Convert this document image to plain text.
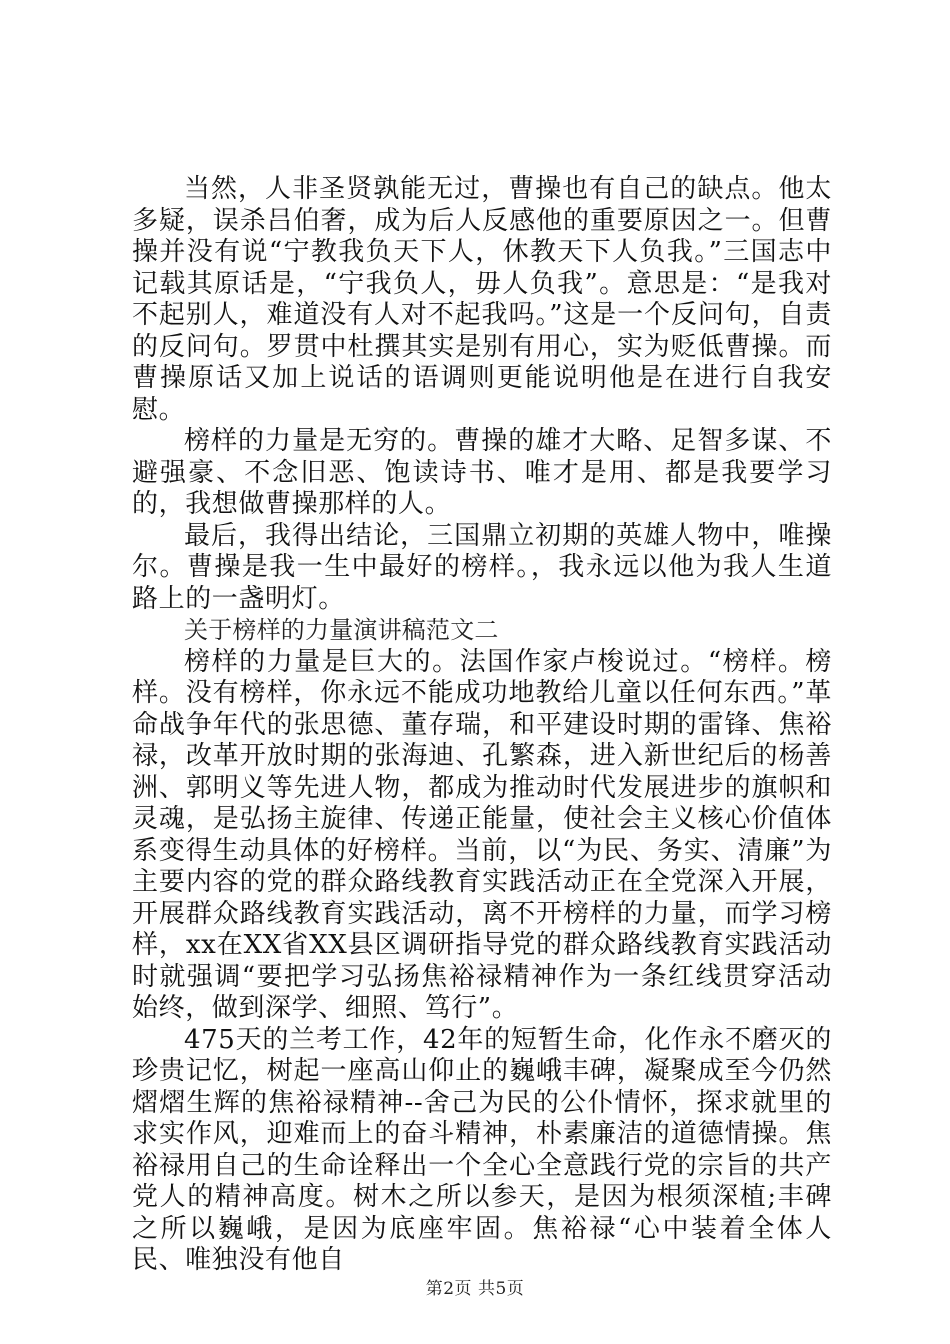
当然，人非圣贤孰能无过，曹操也有自己的缺点。他太多疑，误杀吕伯奢，成为后人反感他的重要原因之一。但曹操并没有说“宁教我负天下人，休教天下人负我。”三国志中记载其原话是，“宁我负人，毋人负我”。意思是：“是我对不起别人，难道没有人对不起我吗。”这是一个反问句，自责的反问句。罗贯中杜撰其实是别有用心，实为贬低曹操。而曹操原话又加上说话的语调则更能说明他是在进行自我安慰。

榜样的力量是无穷的。曹操的雄才大略、足智多谋、不避强豪、不念旧恶、饱读诗书、唯才是用、都是我要学习的，我想做曹操那样的人。

最后，我得出结论，三国鼎立初期的英雄人物中，唯操尔。曹操是我一生中最好的榜样。，我永远以他为我人生道路上的一盏明灯。

关于榜样的力量演讲稿范文二

榜样的力量是巨大的。法国作家卢梭说过。“榜样。榜样。没有榜样，你永远不能成功地教给儿童以任何东西。”革命战争年代的张思德、董存瑞，和平建设时期的雷锋、焦裕禄，改革开放时期的张海迪、孔繁森，进入新世纪后的杨善洲、郭明义等先进人物，都成为推动时代发展进步的旗帜和灵魂，是弘扬主旋律、传递正能量，使社会主义核心价值体系变得生动具体的好榜样。当前，以“为民、务实、清廉”为主要内容的党的群众路线教育实践活动正在全党深入开展，开展群众路线教育实践活动，离不开榜样的力量，而学习榜样，xx在XX省XX县区调研指导党的群众路线教育实践活动时就强调“要把学习弘扬焦裕禄精神作为一条红线贯穿活动始终，做到深学、细照、笃行”。

475天的兰考工作，42年的短暂生命，化作永不磨灭的珍贵记忆，树起一座高山仰止的巍峨丰碑，凝聚成至今仍然熠熠生辉的焦裕禄精神--舍己为民的公仆情怀，探求就里的求实作风，迎难而上的奋斗精神，朴素廉洁的道德情操。焦裕禄用自己的生命诠释出一个全心全意践行党的宗旨的共产党人的精神高度。树木之所以参天，是因为根须深植;丰碑之所以巍峨，是因为底座牢固。焦裕禄“心中装着全体人民、唯独没有他自

第2页 共5页
